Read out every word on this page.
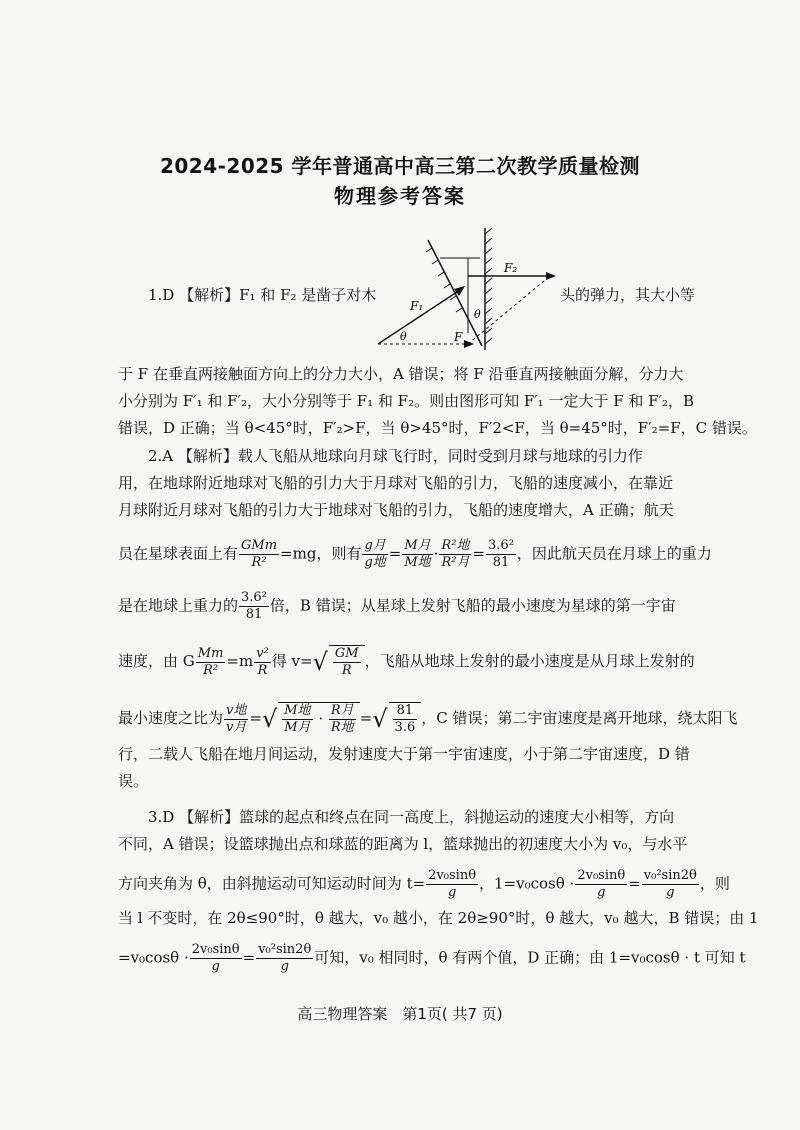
2024-2025 学年普通高中高三第二次教学质量检测
物理参考答案
F₂
F₁
θ	F
θ
1.D 【解析】F₁ 和 F₂ 是凿子对木	头的弹力，其大小等
于 F 在垂直两接触面方向上的分力大小，A 错误；将 F 沿垂直两接触面分解，分力大
小分别为 F′₁ 和 F′₂，大小分别等于 F₁ 和 F₂。则由图形可知 F′₁ 一定大于 F 和 F′₂，B
错误，D 正确；当 θ<45°时，F′₂>F，当 θ>45°时，F′2<F，当 θ=45°时，F′₂=F，C 错误。
2.A 【解析】载人飞船从地球向月球飞行时，同时受到月球与地球的引力作
用，在地球附近地球对飞船的引力大于月球对飞船的引力，飞船的速度减小，在靠近
月球附近月球对飞船的引力大于地球对飞船的引力，飞船的速度增大，A 正确；航天
员在星球表面上有 $\frac{\text{GMm}}{\text{R²}} =mg$，则有 $\frac{\text{g月}}{\text{g地}} = \frac{\text{M月}}{\text{M地}} \cdot \frac{\text{R²地}}{\text{R²月}} = \frac{\text{3.6²}}{81}$ ，因此航天员在月球上的重力
是在地球上重力的 $\frac{\text{3.6²}}{81}$ 倍，B 错误；从星球上发射飞船的最小速度为星球的第一宇宙
速度，由 G $\frac{Mm}{\text{R²}} =m \frac{\text{v²}}{R}$ 得 $v=√ \frac{GM}{R}$ ，飞船从地球上发射的最小速度是从月球上发射的
最小速度之比为 $\frac{\text{v地}}{\text{v月}}$ =√ $\frac{\text{M地}}{\text{M月}} \cdot \frac{\text{R月}}{\text{R地}}$ =√ $\frac{81}{3.6}$ ，C 错误；第二宇宙速度是离开地球，绕太阳飞
行，二载人飞船在地月间运动，发射速度大于第一宇宙速度，小于第二宇宙速度，D 错
误。
3.D 【解析】篮球的起点和终点在同一高度上，斜抛运动的速度大小相等，方向
不同，A 错误；设篮球抛出点和球蓝的距离为 l，篮球抛出的初速度大小为 v₀，与水平
方向夹角为 θ，由斜抛运动可知运动时间为 $t= \frac{\text{2v₀sinθ}}{g}$ ，$1=v_0\cos\theta \cdot \frac{\text{2v₀sinθ}}{g} = \frac{\text{v₀²sin2θ}}{g}$ ，则
当 l 不变时，在 2θ≤90°时，θ 越大，v₀ 越小，在 2θ≥90°时，θ 越大，v₀ 越大，B 错误；由 1
$=v_0\cos\theta \cdot \frac{\text{2v₀sinθ}}{g} = \frac{\text{v₀²sin2θ}}{g}$ 可知，v₀ 相同时，θ 有两个值，D 正确；由 1=v₀cosθ · t 可知 t
高三物理答案　第1页( 共7 页)
